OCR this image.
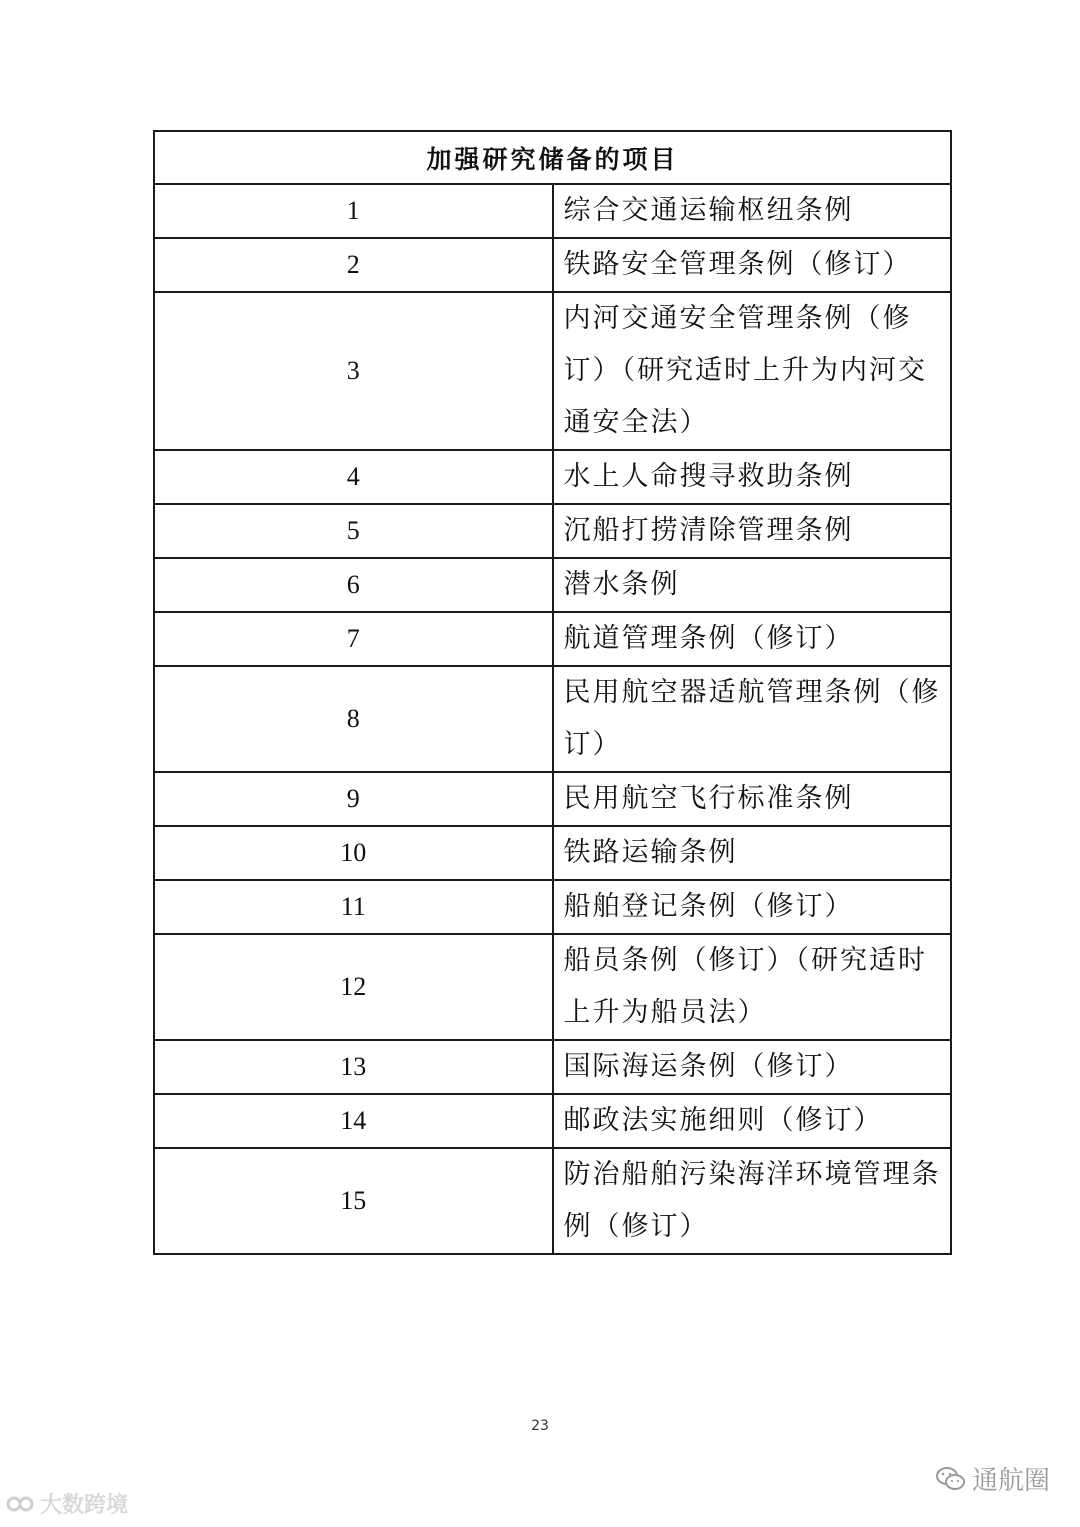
加强研究储备的项目	
1	综合交通运输枢纽条例
2	铁路安全管理条例（修订）
3	内河交通安全管理条例（修订）（研究适时上升为内河交通安全法）
4	水上人命搜寻救助条例
5	沉船打捞清除管理条例
6	潜水条例
7	航道管理条例（修订）
8	民用航空器适航管理条例（修订）
9	民用航空飞行标准条例
10	铁路运输条例
11	船舶登记条例（修订）
12	船员条例（修订）（研究适时上升为船员法）
13	国际海运条例（修订）
14	邮政法实施细则（修订）
15	防治船舶污染海洋环境管理条例（修订）
23
大数跨境
通航圈
